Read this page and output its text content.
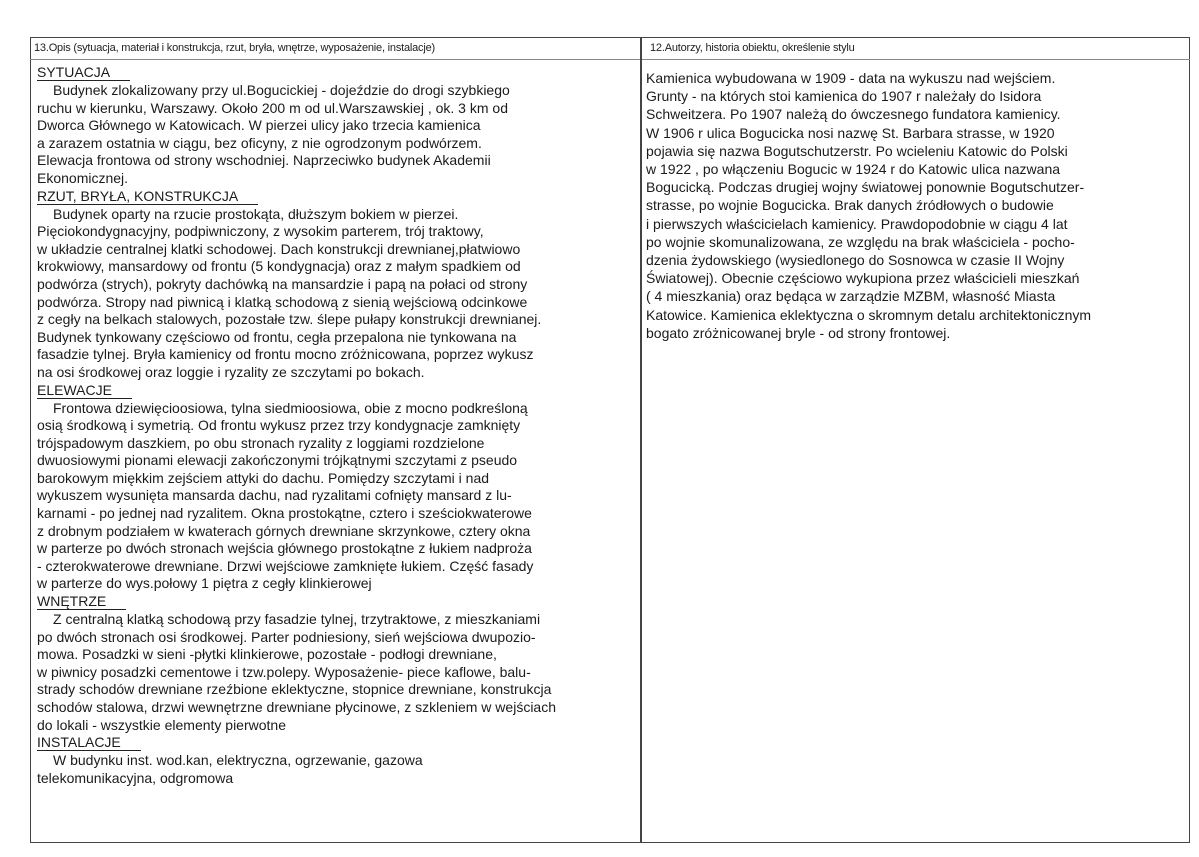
13.Opis (sytuacja, materiał i konstrukcja, rzut, bryła, wnętrze, wyposażenie, instalacje)	12.Autorzy, historia obiektu, określenie stylu
SYTUACJA
Budynek zlokalizowany przy ul.Bogucickiej - dojeździe do drogi szybkiego
ruchu w kierunku, Warszawy. Około 200 m od ul.Warszawskiej , ok. 3 km od
Dworca Głównego w Katowicach. W pierzei ulicy jako trzecia kamienica
a zarazem ostatnia w ciągu, bez oficyny, z nie ogrodzonym podwórzem.
Elewacja frontowa od strony wschodniej. Naprzeciwko budynek Akademii
Ekonomicznej.
RZUT, BRYŁA, KONSTRUKCJA
Budynek oparty na rzucie prostokąta, dłuższym bokiem w pierzei.
Pięciokondygnacyjny, podpiwniczony, z wysokim parterem, trój traktowy,
w układzie centralnej klatki schodowej. Dach konstrukcji drewnianej,płatwiowo
krokwiowy, mansardowy od frontu (5 kondygnacja) oraz z małym spadkiem od
podwórza (strych), pokryty dachówką na mansardzie i papą na połaci od strony
podwórza. Stropy nad piwnicą i klatką schodową z sienią wejściową odcinkowe
z cegły na belkach stalowych, pozostałe tzw. ślepe pułapy konstrukcji drewnianej.
Budynek tynkowany częściowo od frontu, cegła przepalona nie tynkowana na
fasadzie tylnej. Bryła kamienicy od frontu mocno zróżnicowana, poprzez wykusz
na osi środkowej oraz loggie i ryzality ze szczytami po bokach.
ELEWACJE
Frontowa dziewięcioosiowa, tylna siedmioosiowa, obie z mocno podkreśloną
osią środkową i symetrią. Od frontu wykusz przez trzy kondygnacje zamknięty
trójspadowym daszkiem, po obu stronach ryzality z loggiami rozdzielone
dwuosiowymi pionami elewacji zakończonymi trójkątnymi szczytami z pseudo
barokowym miękkim zejściem attyki do dachu. Pomiędzy szczytami i nad
wykuszem wysunięta mansarda dachu, nad ryzalitami cofnięty mansard z lu-
karnami - po jednej nad ryzalitem. Okna prostokątne, cztero i sześciokwaterowe
z drobnym podziałem w kwaterach górnych drewniane skrzynkowe, cztery okna
w parterze po dwóch stronach wejścia głównego prostokątne z łukiem nadproża
- czterokwaterowe drewniane. Drzwi wejściowe zamknięte łukiem. Część fasady
w parterze do wys.połowy 1 piętra z cegły klinkierowej
WNĘTRZE
Z centralną klatką schodową przy fasadzie tylnej, trzytraktowe, z mieszkaniami
po dwóch stronach osi środkowej. Parter podniesiony, sień wejściowa dwupozio-
mowa. Posadzki w sieni -płytki klinkierowe, pozostałe - podłogi drewniane,
w piwnicy posadzki cementowe i tzw.polepy. Wyposażenie- piece kaflowe, balu-
strady schodów drewniane rzeźbione eklektyczne, stopnice drewniane, konstrukcja
schodów stalowa, drzwi wewnętrzne drewniane płycinowe, z szkleniem w wejściach
do lokali - wszystkie elementy pierwotne
INSTALACJE
W budynku inst. wod.kan, elektryczna, ogrzewanie, gazowa
telekomunikacyjna, odgromowa
Kamienica wybudowana w 1909 - data na wykuszu nad wejściem.
Grunty - na których stoi kamienica do 1907 r należały do Isidora
Schweitzera. Po 1907 należą do ówczesnego fundatora kamienicy.
W 1906 r ulica Bogucicka nosi nazwę St. Barbara strasse, w 1920
pojawia się nazwa Bogutschutzerstr. Po wcieleniu Katowic do Polski
w 1922 , po włączeniu Bogucic w 1924 r do Katowic ulica nazwana
Bogucicką. Podczas drugiej wojny światowej ponownie Bogutschutzer-
strasse, po wojnie Bogucicka. Brak danych źródłowych o budowie
i pierwszych właścicielach kamienicy. Prawdopodobnie w ciągu 4 lat
po wojnie skomunalizowana, ze względu na brak właściciela - pocho-
dzenia żydowskiego (wysiedlonego do Sosnowca w czasie II Wojny
Światowej). Obecnie częściowo wykupiona przez właścicieli mieszkań
( 4 mieszkania) oraz będąca w zarządzie MZBM, własność Miasta
Katowice. Kamienica eklektyczna o skromnym detalu architektonicznym
bogato zróżnicowanej bryle - od strony frontowej.
